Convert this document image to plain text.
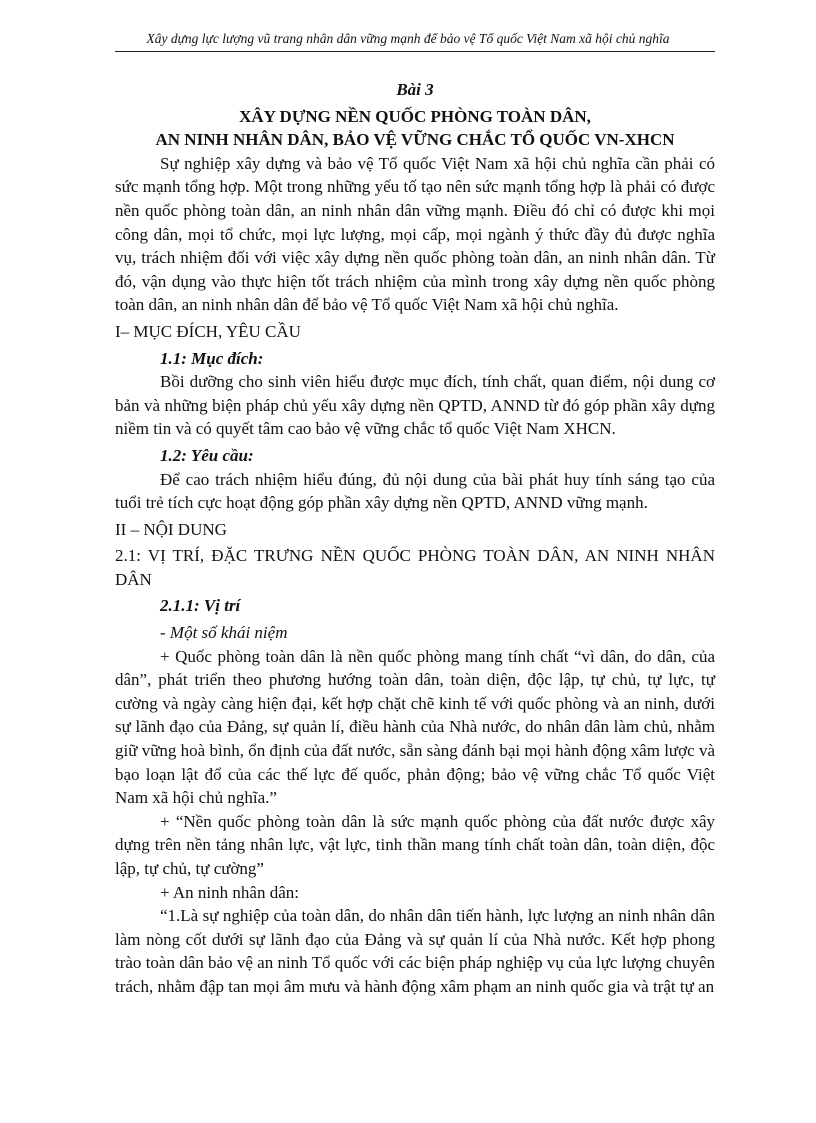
Xây dựng lực lượng vũ trang nhân dân vững mạnh để bảo vệ Tổ quốc Việt Nam xã hội chủ nghĩa

Bài 3

XÂY DỰNG NỀN QUỐC PHÒNG TOÀN DÂN,

AN NINH NHÂN DÂN, BẢO VỆ VỮNG CHẮC TỔ QUỐC VN-XHCN

Sự nghiệp xây dựng và bảo vệ Tổ quốc Việt Nam xã hội chủ nghĩa cần phải có sức mạnh tổng hợp. Một trong những yếu tố tạo nên sức mạnh tổng hợp là phải có được nền quốc phòng toàn dân, an ninh nhân dân vững mạnh. Điều đó chỉ có được khi mọi công dân, mọi tổ chức, mọi lực lượng, mọi cấp, mọi ngành ý thức đầy đủ được nghĩa vụ, trách nhiệm đối với việc xây dựng nền quốc phòng toàn dân, an ninh nhân dân. Từ đó, vận dụng vào thực hiện tốt trách nhiệm của mình trong xây dựng nền quốc phòng toàn dân, an ninh nhân dân để bảo vệ Tổ quốc Việt Nam xã hội chủ nghĩa.

I– MỤC ĐÍCH, YÊU CẦU

1.1: Mục đích:

Bồi dưỡng cho sinh viên hiểu được mục đích, tính chất, quan điểm, nội dung cơ bản và những biện pháp chủ yếu xây dựng nền QPTD, ANND từ đó góp phần xây dựng niềm tin và có quyết tâm cao bảo vệ vững chắc tổ quốc Việt Nam XHCN.

1.2: Yêu cầu:

Để cao trách nhiệm hiểu đúng, đủ nội dung của bài phát huy tính sáng tạo của tuổi trẻ tích cực hoạt động góp phần xây dựng nền QPTD, ANND vững mạnh.

II – NỘI DUNG

2.1: VỊ TRÍ, ĐẶC TRƯNG NỀN QUỐC PHÒNG TOÀN DÂN, AN NINH NHÂN DÂN

2.1.1: Vị trí

- Một số khái niệm

+ Quốc phòng toàn dân là nền quốc phòng mang tính chất “vì dân, do dân, của dân”, phát triển theo phương hướng toàn dân, toàn diện, độc lập, tự chủ, tự lực, tự cường và ngày càng hiện đại, kết hợp chặt chẽ kinh tế với quốc phòng và an ninh, dưới sự lãnh đạo của Đảng, sự quản lí, điều hành của Nhà nước, do nhân dân làm chủ, nhằm giữ vững hoà bình, ổn định của đất nước, sẵn sàng đánh bại mọi hành động xâm lược và bạo loạn lật đổ của các thế lực đế quốc, phản động; bảo vệ vững chắc Tổ quốc Việt Nam xã hội chủ nghĩa.”

+ “Nền quốc phòng toàn dân là sức mạnh quốc phòng của đất nước được xây dựng trên nền tảng nhân lực, vật lực, tinh thần mang tính chất toàn dân, toàn diện, độc lập, tự chủ, tự cường”

+ An ninh nhân dân:

“1.Là sự nghiệp của toàn dân, do nhân dân tiến hành, lực lượng an ninh nhân dân làm nòng cốt dưới sự lãnh đạo của Đảng và sự quản lí của Nhà nước. Kết hợp phong trào toàn dân bảo vệ an ninh Tổ quốc với các biện pháp nghiệp vụ của lực lượng chuyên trách, nhằm đập tan mọi âm mưu và hành động xâm phạm an ninh quốc gia và trật tự an
